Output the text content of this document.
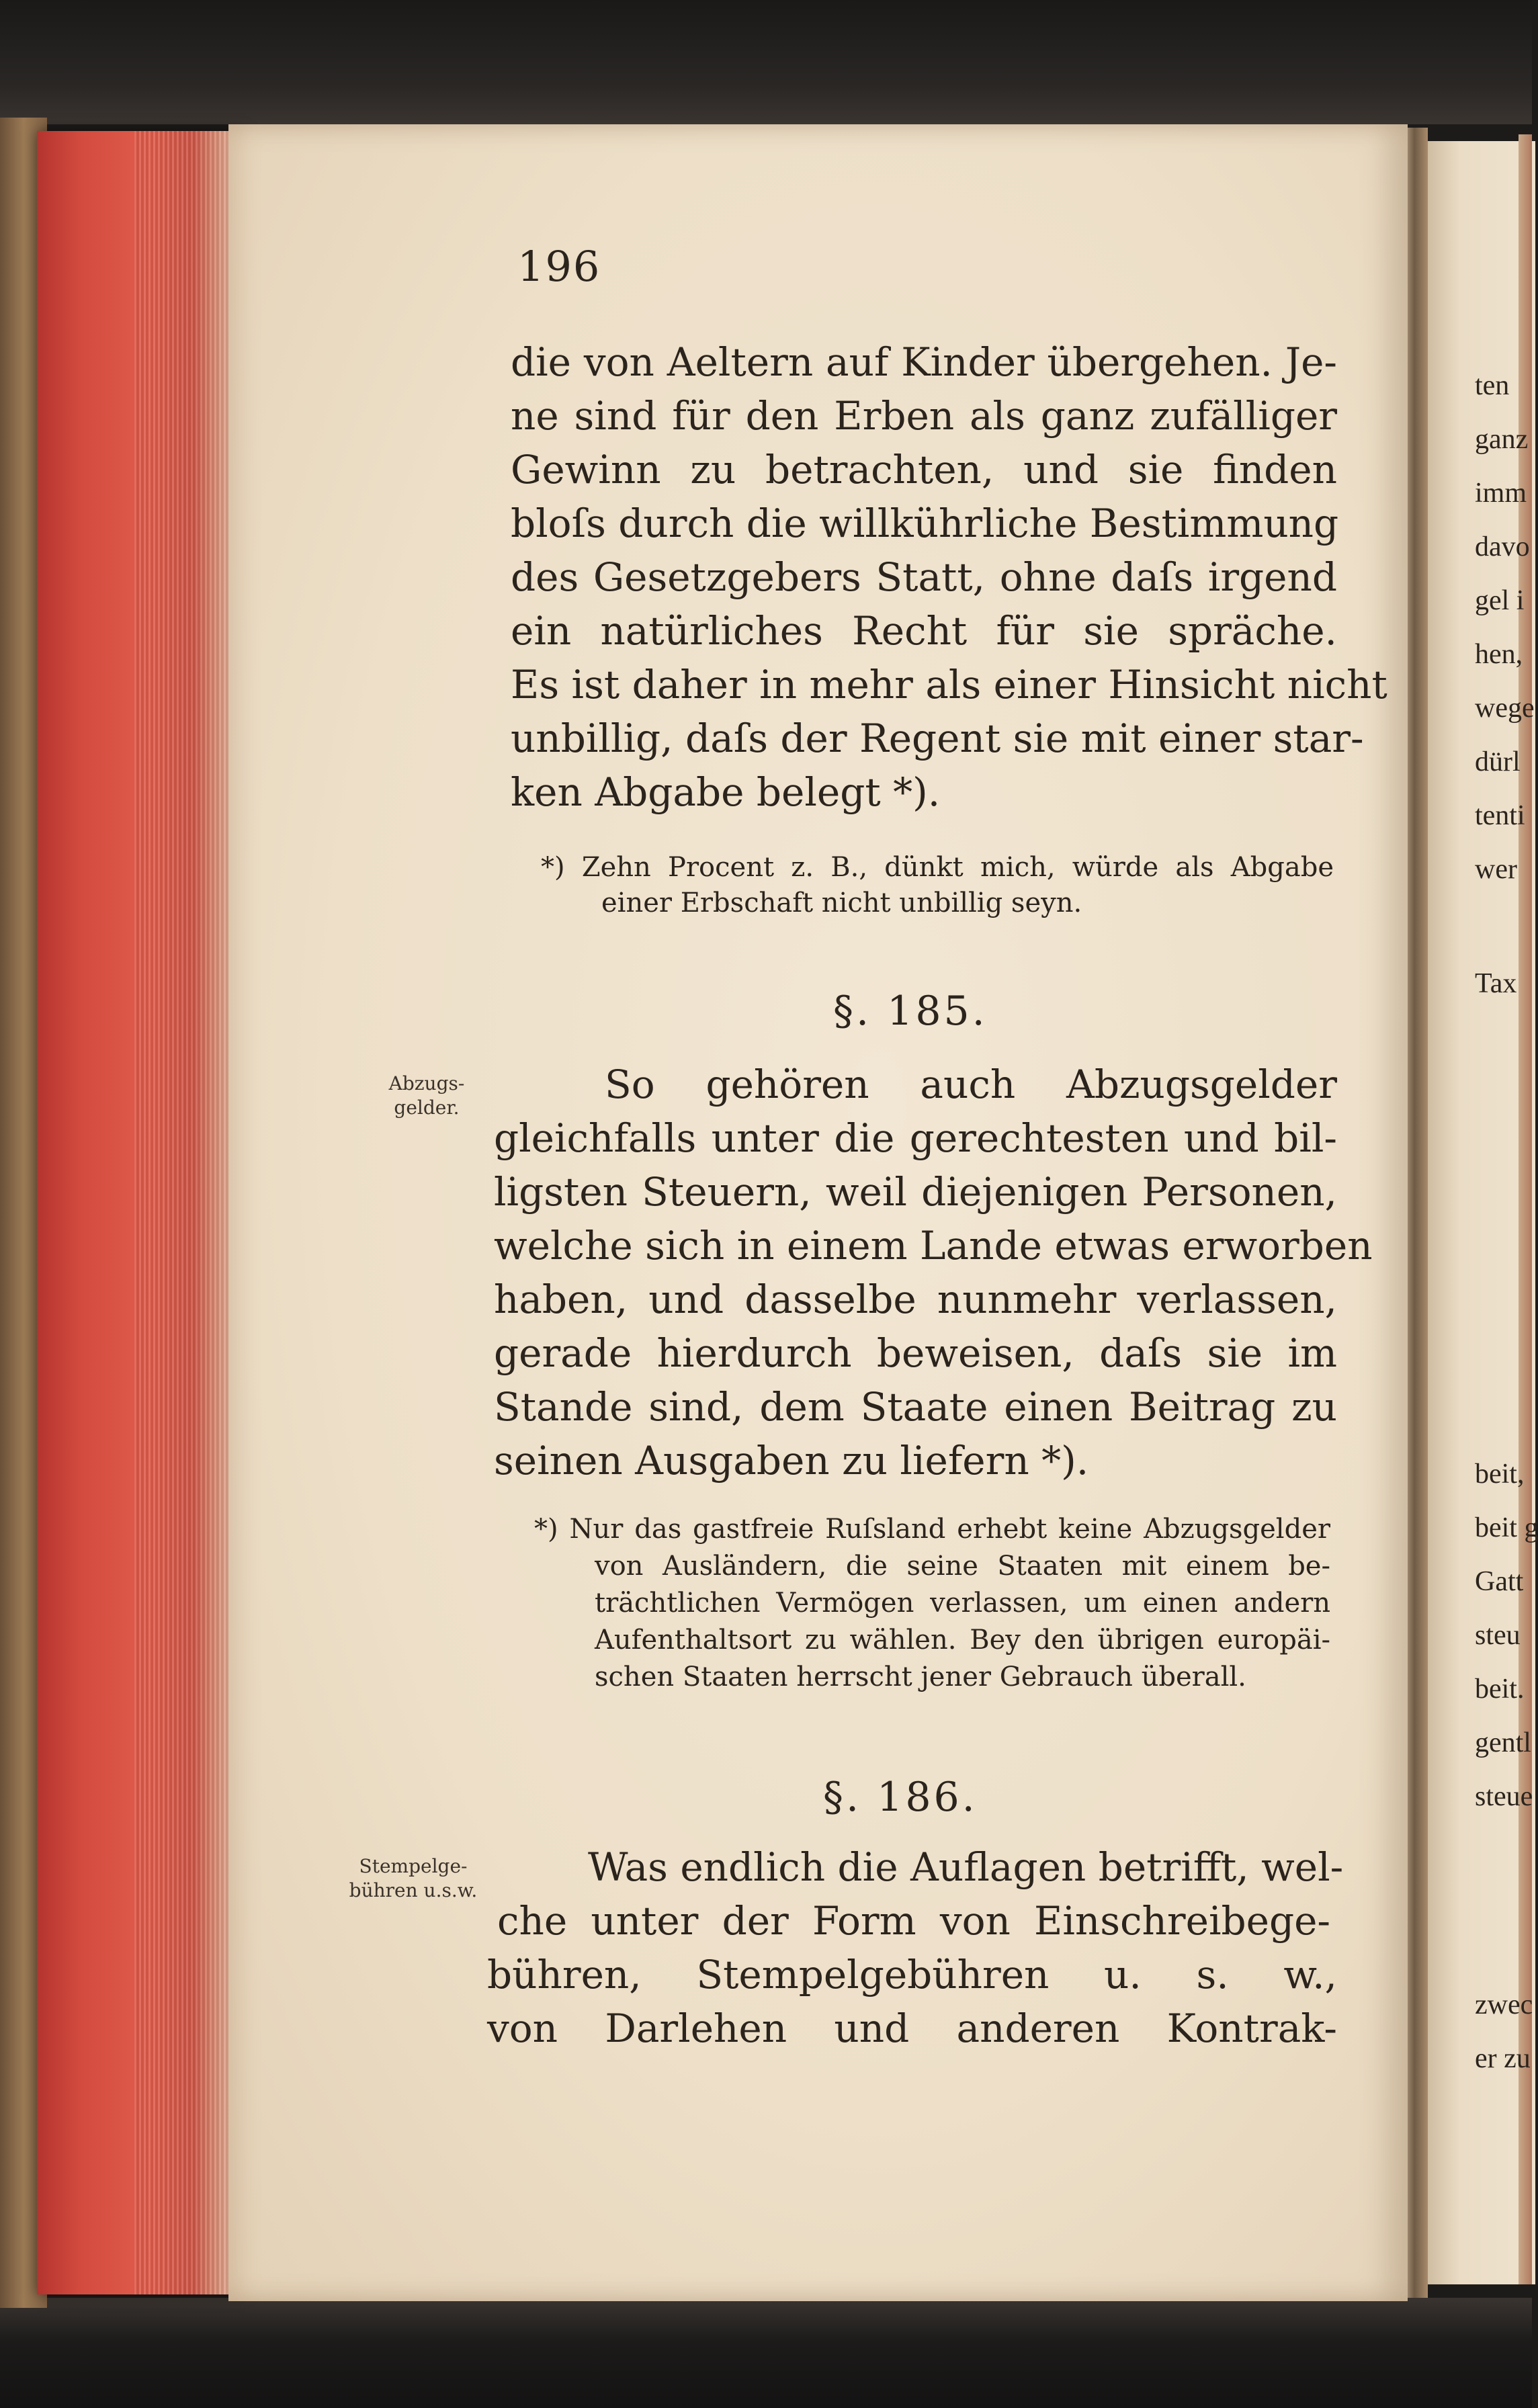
196
die von Aeltern auf Kinder übergehen. Je-
ne sind für den Erben als ganz zufälliger
Gewinn zu betrachten, und sie finden
bloſs durch die willkührliche Bestimmung
des Gesetzgebers Statt, ohne daſs irgend
ein natürliches Recht für sie spräche.
Es ist daher in mehr als einer Hinsicht nicht
unbillig, daſs der Regent sie mit einer star-
ken Abgabe belegt *).
*) Zehn Procent z. B., dünkt mich, würde als Abgabe
einer Erbschaft nicht unbillig seyn.
§. 185.
Abzugs-
gelder.
So gehören auch Abzugsgelder
gleichfalls unter die gerechtesten und bil-
ligsten Steuern, weil diejenigen Personen,
welche sich in einem Lande etwas erworben
haben, und dasselbe nunmehr verlassen,
gerade hierdurch beweisen, daſs sie im
Stande sind, dem Staate einen Beitrag zu
seinen Ausgaben zu liefern *).
*) Nur das gastfreie Ruſsland erhebt keine Abzugsgelder
von Ausländern, die seine Staaten mit einem be-
trächtlichen Vermögen verlassen, um einen andern
Aufenthaltsort zu wählen. Bey den übrigen europäi-
schen Staaten herrscht jener Gebrauch überall.
§. 186.
Stempelge-
bühren u.s.w.
Was endlich die Auflagen betrifft, wel-
che unter der Form von Einschreibege-
bühren, Stempelgebühren u. s. w.,
von Darlehen und anderen Kontrak-
ten
ganz
imm
davo
gel i
hen,
wege
dürl
tenti
wer
Tax
beit,
beit g
Gatt
steu
beit.
gentl
steue
zwec
er zu
